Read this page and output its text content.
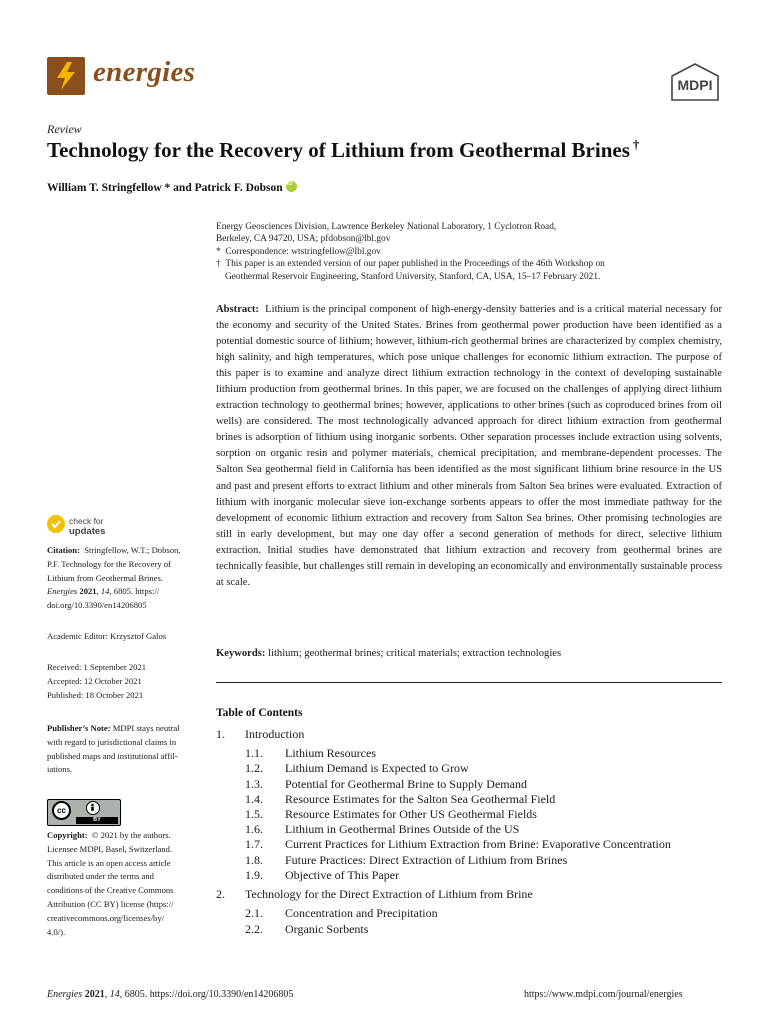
energies	MDPI
Review
Technology for the Recovery of Lithium from Geothermal Brines †
William T. Stringfellow * and Patrick F. DobsoniD
Energy Geosciences Division, Lawrence Berkeley National Laboratory, 1 Cyclotron Road,
Berkeley, CA 94720, USA; pfdobson@lbl.gov
* Correspondence: wtstringfellow@lbl.gov
† This paper is an extended version of our paper published in the Proceedings of the 46th Workshop on
Geothermal Reservoir Engineering, Stanford University, Stanford, CA, USA, 15–17 February 2021.
Abstract: Lithium is the principal component of high-energy-density batteries and is a critical material necessary for the economy and security of the United States. Brines from geothermal power production have been identified as a potential domestic source of lithium; however, lithium-rich geothermal brines are characterized by complex chemistry, high salinity, and high temperatures, which pose unique challenges for economic lithium extraction. The purpose of this paper is to examine and analyze direct lithium extraction technology in the context of developing sustainable lithium production from geothermal brines. In this paper, we are focused on the challenges of applying direct lithium extraction technology to geothermal brines; however, applications to other brines (such as coproduced brines from oil wells) are considered. The most technologically advanced approach for direct lithium extraction from geothermal brines is adsorption of lithium using inorganic sorbents. Other separation processes include extraction using solvents, sorption on organic resin and polymer materials, chemical precipitation, and membrane-dependent processes. The Salton Sea geothermal field in California has been identified as the most significant lithium brine resource in the US and past and present efforts to extract lithium and other minerals from Salton Sea brines were evaluated. Extraction of lithium with inorganic molecular sieve ion-exchange sorbents appears to offer the most immediate pathway for the development of economic lithium extraction and recovery from Salton Sea brines. Other promising technologies are still in early development, but may one day offer a second generation of methods for direct, selective lithium extraction. Initial studies have demonstrated that lithium extraction and recovery from geothermal brines are technically feasible, but challenges still remain in developing an economically and environmentally sustainable process at scale.
Keywords: lithium; geothermal brines; critical materials; extraction technologies
Table of Contents
1. Introduction
1.1. Lithium Resources
1.2. Lithium Demand is Expected to Grow
1.3. Potential for Geothermal Brine to Supply Demand
1.4. Resource Estimates for the Salton Sea Geothermal Field
1.5. Resource Estimates for Other US Geothermal Fields
1.6. Lithium in Geothermal Brines Outside of the US
1.7. Current Practices for Lithium Extraction from Brine: Evaporative Concentration
1.8. Future Practices: Direct Extraction of Lithium from Brines
1.9. Objective of This Paper
2. Technology for the Direct Extraction of Lithium from Brine
2.1. Concentration and Precipitation
2.2. Organic Sorbents
check for
updates
Citation: Stringfellow, W.T.; Dobson,
P.F. Technology for the Recovery of
Lithium from Geothermal Brines.
Energies 2021, 14, 6805. https://
doi.org/10.3390/en14206805
Academic Editor: Krzysztof Galos
Received: 1 September 2021
Accepted: 12 October 2021
Published: 18 October 2021
Publisher’s Note: MDPI stays neutral
with regard to jurisdictional claims in
published maps and institutional affil-
iations.
cc
BY
Copyright: © 2021 by the authors.
Licensee MDPI, Basel, Switzerland.
This article is an open access article
distributed under the terms and
conditions of the Creative Commons
Attribution (CC BY) license (https://
creativecommons.org/licenses/by/
4.0/).
Energies 2021, 14, 6805. https://doi.org/10.3390/en14206805	https://www.mdpi.com/journal/energies
